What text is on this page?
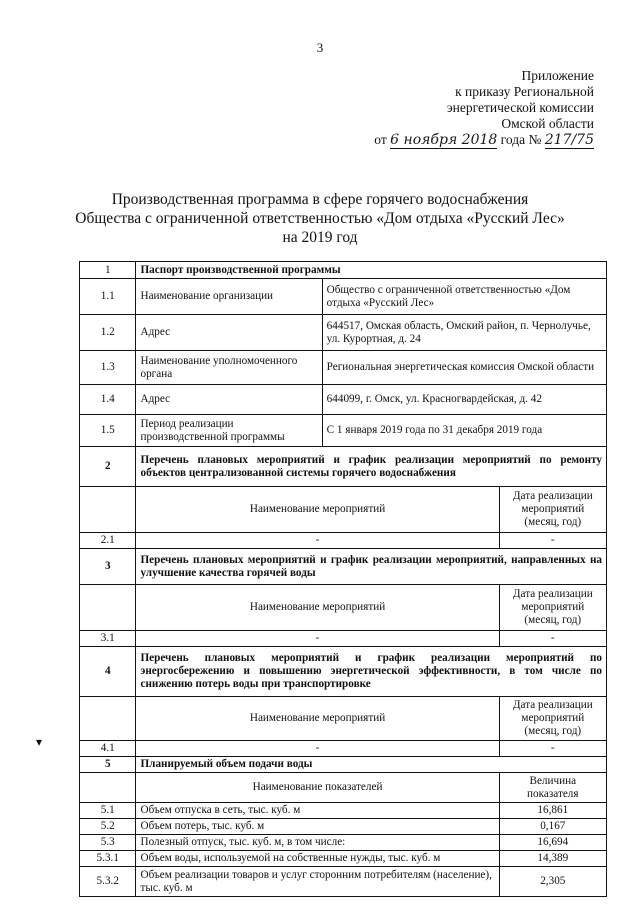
3
Приложение
к приказу Региональной
энергетической комиссии
Омской области
от 6 ноября 2018 года № 217/75
Производственная программа в сфере горячего водоснабжения
Общества с ограниченной ответственностью «Дом отдыха «Русский Лес»
на 2019 год
▾
1	Паспорт производственной программы		
1.1	Наименование организации	Общество с ограниченной ответственностью «Дом отдыха «Русский Лес»	
1.2	Адрес	644517, Омская область, Омский район, п. Чернолучье, ул. Курортная, д. 24	
1.3	Наименование уполномоченного органа	Региональная энергетическая комиссия Омской области	
1.4	Адрес	644099, г. Омск, ул. Красногвардейская, д. 42	
1.5	Период реализации производственной программы	С 1 января 2019 года по 31 декабря 2019 года	
2	Перечень плановых мероприятий и график реализации мероприятий по ремонту объектов централизованной системы горячего водоснабжения		
	Наименование мероприятий		Дата реализации мероприятий (месяц, год)
2.1	-		-
3	Перечень плановых мероприятий и график реализации мероприятий, направленных на улучшение качества горячей воды		
	Наименование мероприятий		Дата реализации мероприятий (месяц, год)
3.1	-		-
4	Перечень плановых мероприятий и график реализации мероприятий по энергосбережению и повышению энергетической эффективности, в том числе по снижению потерь воды при транспортировке		
	Наименование мероприятий		Дата реализации мероприятий (месяц, год)
4.1	-		-
5	Планируемый объем подачи воды		
	Наименование показателей		Величина показателя
5.1	Объем отпуска в сеть, тыс. куб. м		16,861
5.2	Объем потерь, тыс. куб. м		0,167
5.3	Полезный отпуск, тыс. куб. м, в том числе:		16,694
5.3.1	Объем воды, используемой на собственные нужды, тыс. куб. м		14,389
5.3.2	Объем реализации товаров и услуг сторонним потребителям (население), тыс. куб. м		2,305
